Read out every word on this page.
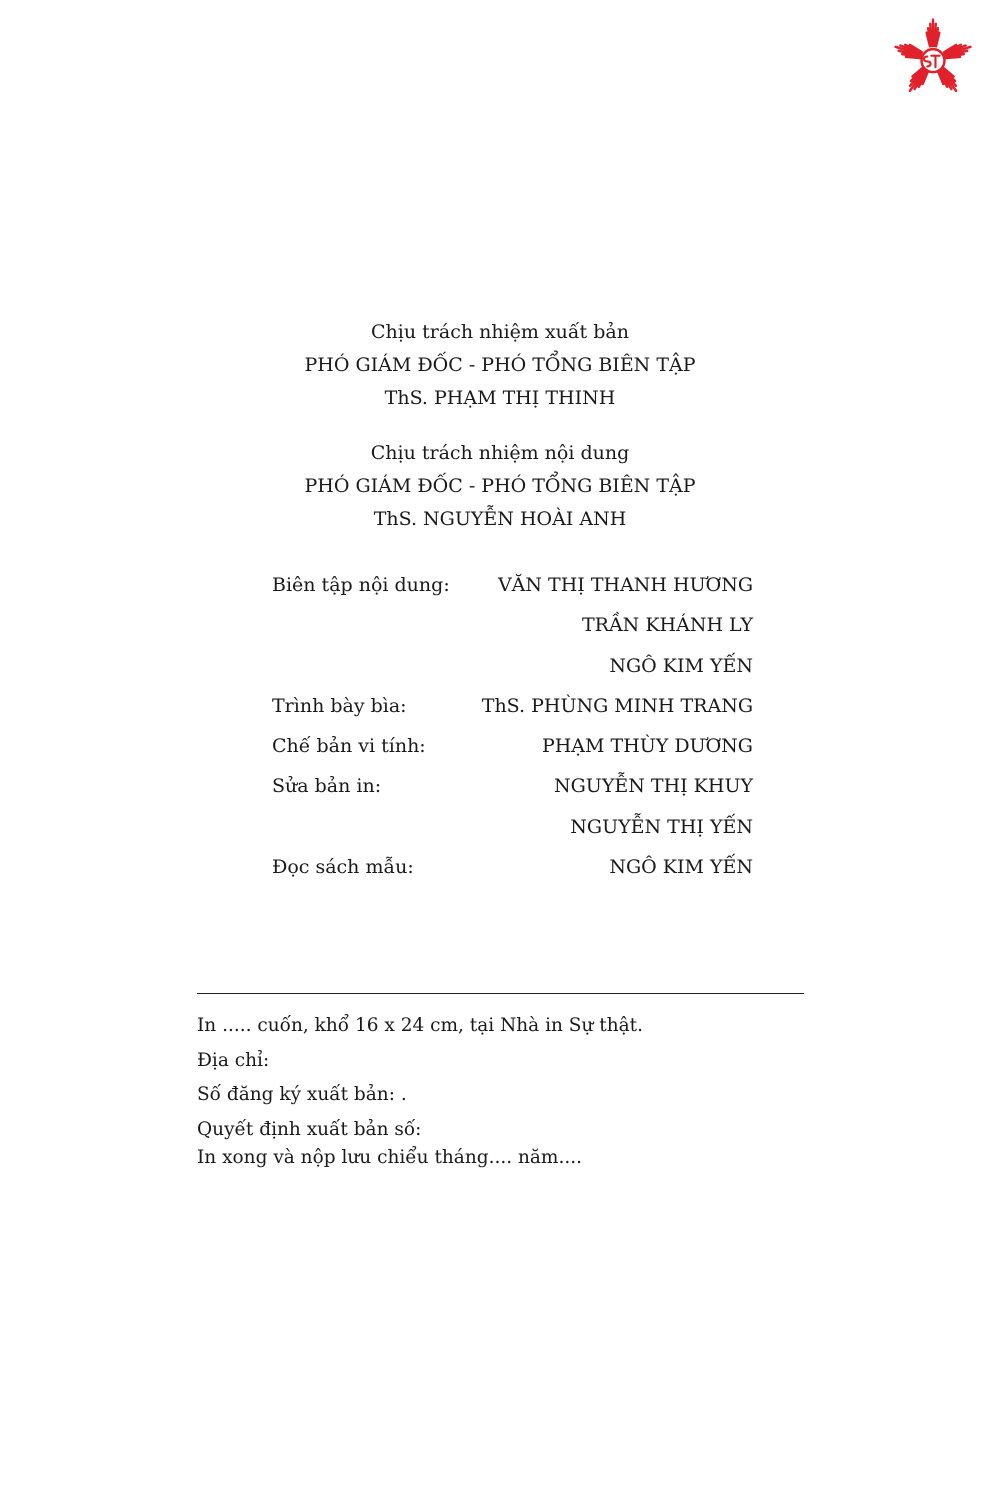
Chịu trách nhiệm xuất bản
PHÓ GIÁM ĐỐC - PHÓ TỔNG BIÊN TẬP
ThS. PHẠM THỊ THINH
Chịu trách nhiệm nội dung
PHÓ GIÁM ĐỐC - PHÓ TỔNG BIÊN TẬP
ThS. NGUYỄN HOÀI ANH
Biên tập nội dung:	VĂN THỊ THANH HƯƠNG
TRẦN KHÁNH LY
NGÔ KIM YẾN
Trình bày bìa:	ThS. PHÙNG MINH TRANG
Chế bản vi tính:	PHẠM THÙY DƯƠNG
Sửa bản in:	NGUYỄN THỊ KHUY
NGUYỄN THỊ YẾN
Đọc sách mẫu:	NGÔ KIM YẾN
In ..... cuốn, khổ 16 x 24 cm, tại Nhà in Sự thật.
Địa chỉ:
Số đăng ký xuất bản: .
Quyết định xuất bản số:
In xong và nộp lưu chiểu tháng.... năm....
